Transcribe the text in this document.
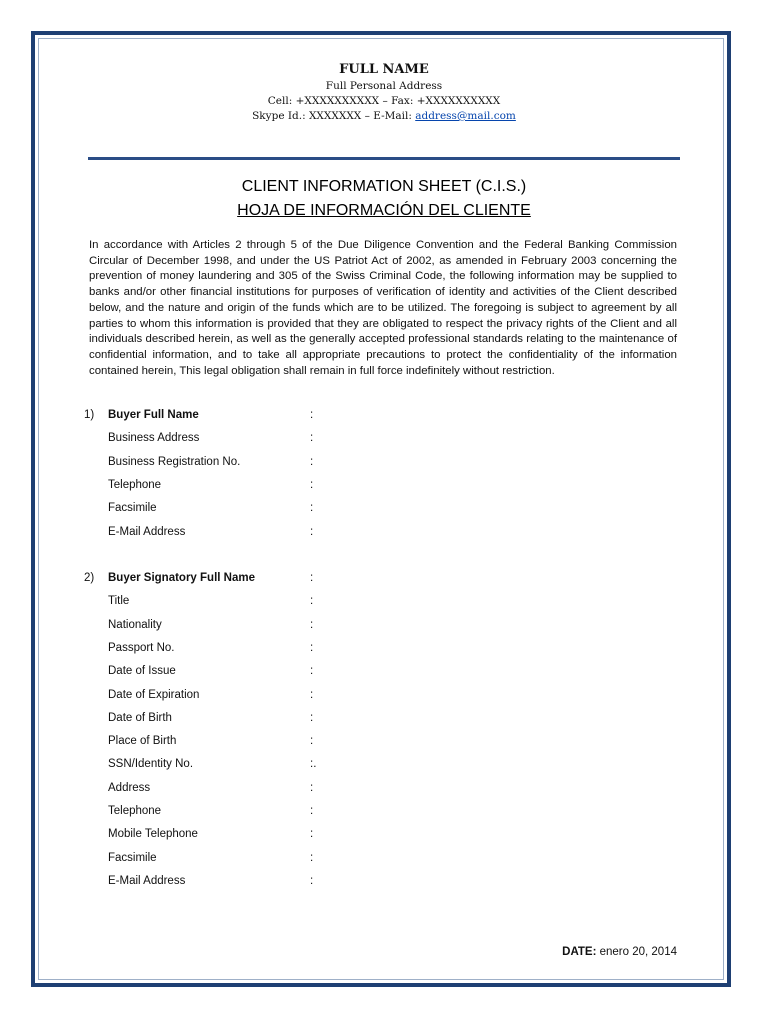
FULL NAME
Full Personal Address
Cell: +XXXXXXXXXX – Fax: +XXXXXXXXXX
Skype Id.: XXXXXXX – E-Mail: address@mail.com
CLIENT INFORMATION SHEET (C.I.S.)
HOJA DE INFORMACIÓN DEL CLIENTE

In accordance with Articles 2 through 5 of the Due Diligence Convention and the Federal Banking Commission Circular of December 1998, and under the US Patriot Act of 2002, as amended in February 2003 concerning the prevention of money laundering and 305 of the Swiss Criminal Code, the following information may be supplied to banks and/or other financial institutions for purposes of verification of identity and activities of the Client described below, and the nature and origin of the funds which are to be utilized. The foregoing is subject to agreement by all parties to whom this information is provided that they are obligated to respect the privacy rights of the Client and all individuals described herein, as well as the generally accepted professional standards relating to the maintenance of confidential information, and to take all appropriate precautions to protect the confidentiality of the information contained herein, This legal obligation shall remain in full force indefinitely without restriction.

1) Buyer Full Name	:
Business Address	:
Business Registration No.	:
Telephone	:
Facsimile	:
E-Mail Address	:
2) Buyer Signatory Full Name	:
Title	:
Nationality	:
Passport No.	:
Date of Issue	:
Date of Expiration	:
Date of Birth	:
Place of Birth	:
SSN/Identity No.	:.
Address	:
Telephone	:
Mobile Telephone	:
Facsimile	:
E-Mail Address	:
DATE: enero 20, 2014
